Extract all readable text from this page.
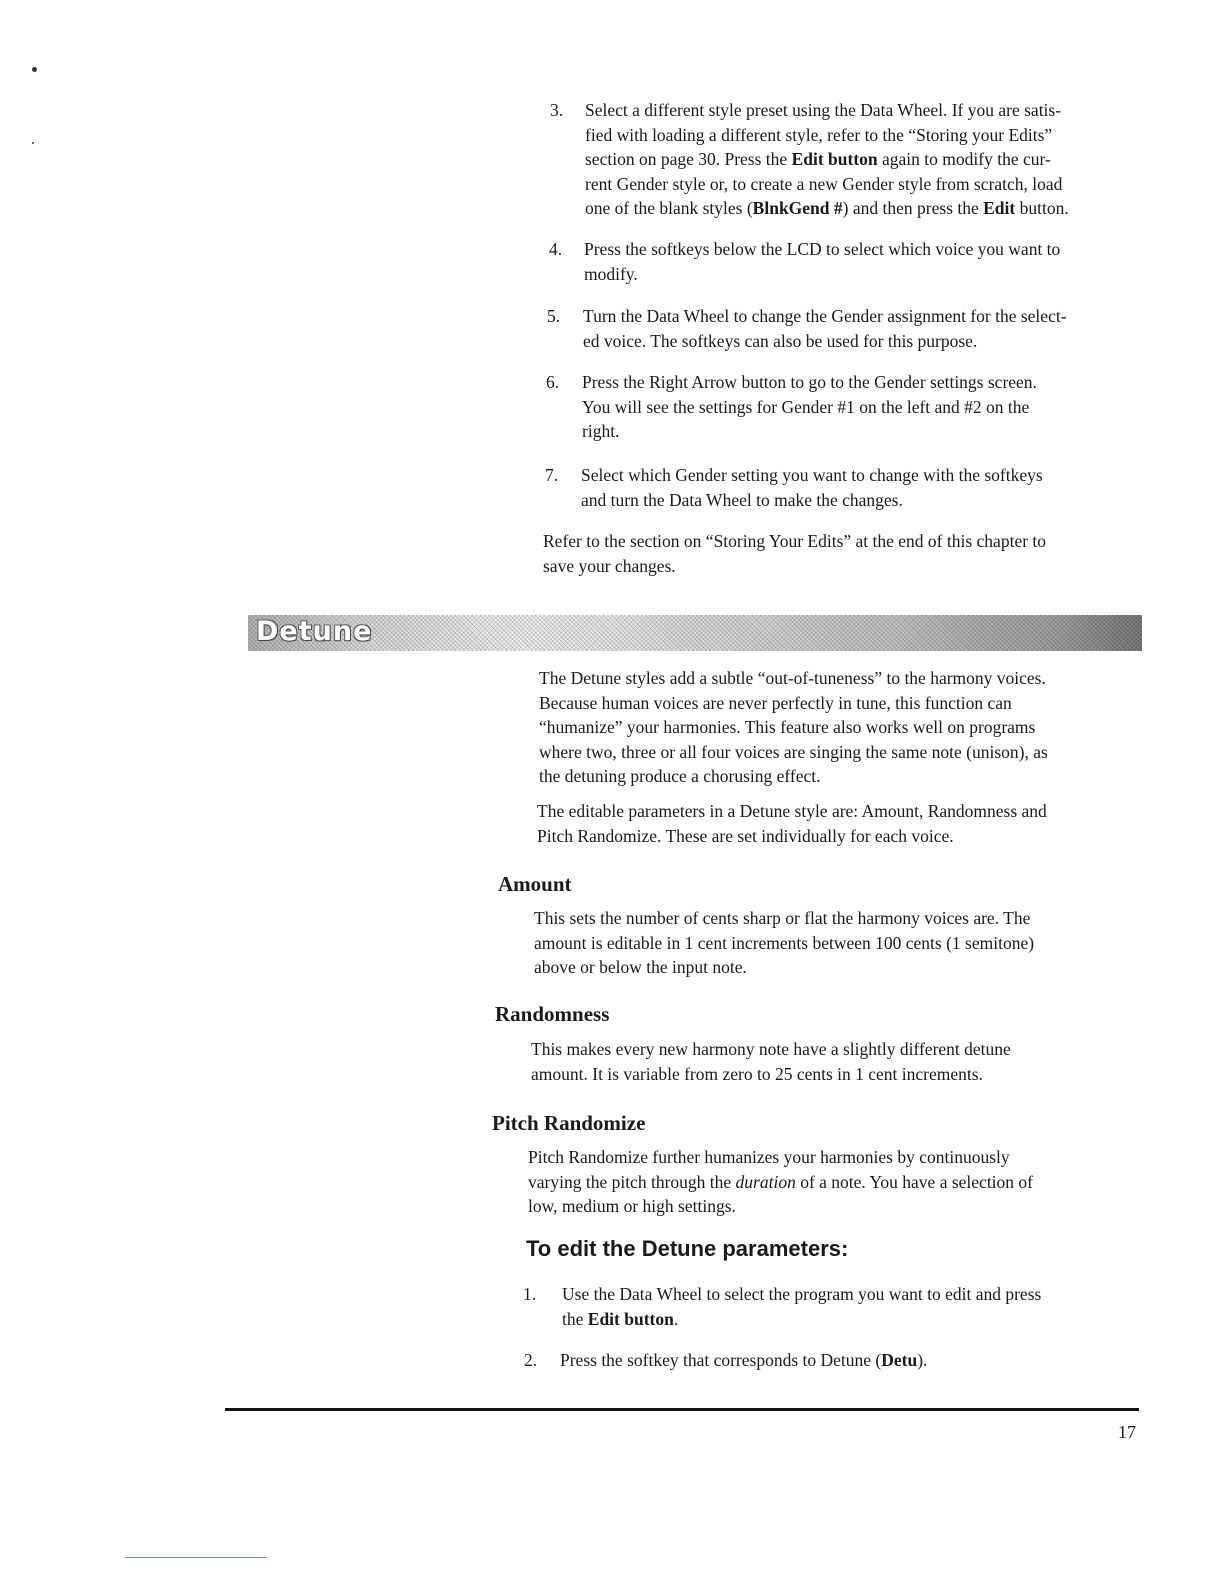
3.	Select a different style preset using the Data Wheel. If you are satis-
fied with loading a different style, refer to the “Storing your Edits”
section on page 30. Press the Edit button again to modify the cur-
rent Gender style or, to create a new Gender style from scratch, load
one of the blank styles (BlnkGend #) and then press the Edit button.
4.	Press the softkeys below the LCD to select which voice you want to
modify.
5.	Turn the Data Wheel to change the Gender assignment for the select-
ed voice. The softkeys can also be used for this purpose.
6.	Press the Right Arrow button to go to the Gender settings screen.
You will see the settings for Gender #1 on the left and #2 on the
right.
7.	Select which Gender setting you want to change with the softkeys
and turn the Data Wheel to make the changes.
Refer to the section on “Storing Your Edits” at the end of this chapter to
save your changes.
Detune
The Detune styles add a subtle “out-of-tuneness” to the harmony voices.
Because human voices are never perfectly in tune, this function can
“humanize” your harmonies. This feature also works well on programs
where two, three or all four voices are singing the same note (unison), as
the detuning produce a chorusing effect.
The editable parameters in a Detune style are: Amount, Randomness and
Pitch Randomize. These are set individually for each voice.
Amount
This sets the number of cents sharp or flat the harmony voices are. The
amount is editable in 1 cent increments between 100 cents (1 semitone)
above or below the input note.
Randomness
This makes every new harmony note have a slightly different detune
amount. It is variable from zero to 25 cents in 1 cent increments.
Pitch Randomize
Pitch Randomize further humanizes your harmonies by continuously
varying the pitch through the duration of a note. You have a selection of
low, medium or high settings.
To edit the Detune parameters:
1.	Use the Data Wheel to select the program you want to edit and press
the Edit button.
2.	Press the softkey that corresponds to Detune (Detu).
17
